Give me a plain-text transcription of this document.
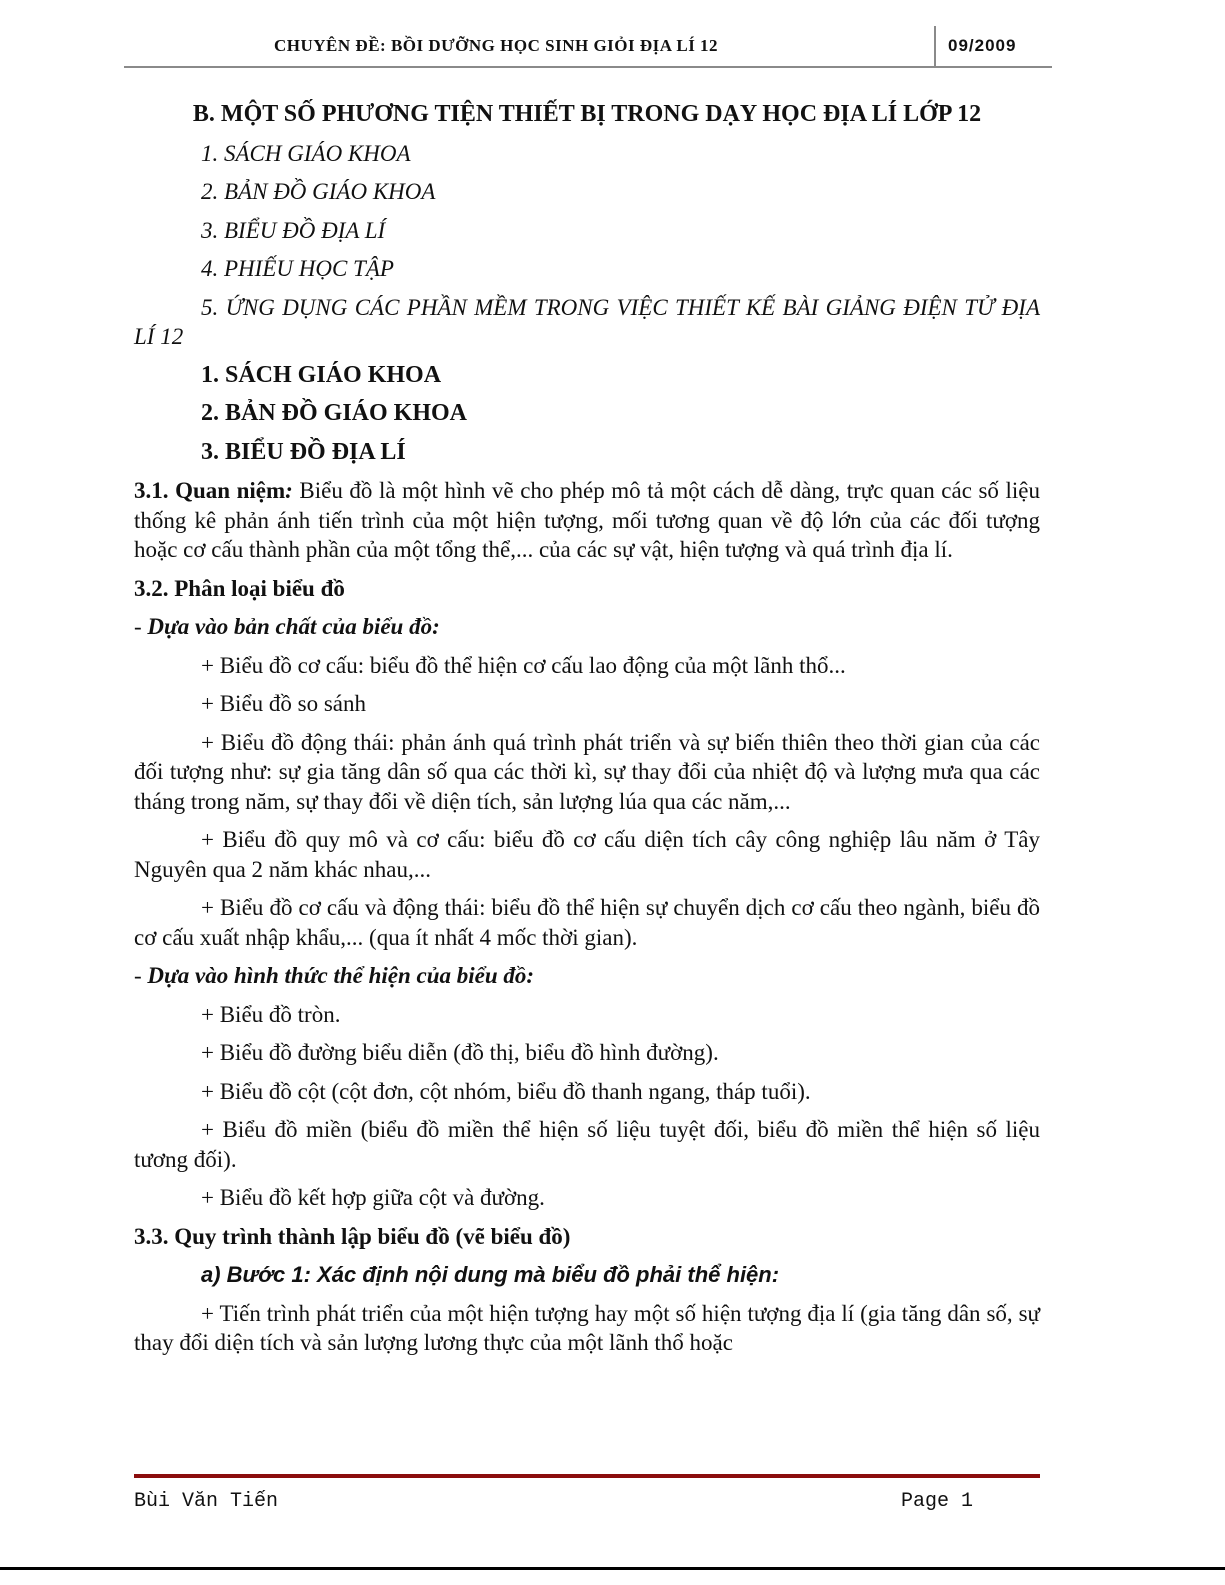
CHUYÊN ĐỀ: BỒI DƯỠNG HỌC SINH GIỎI ĐỊA LÍ 12	09/2009

B. MỘT SỐ PHƯƠNG TIỆN THIẾT BỊ TRONG DẠY HỌC ĐỊA LÍ LỚP 12

1. SÁCH GIÁO KHOA

2. BẢN ĐỒ GIÁO KHOA

3. BIỂU ĐỒ ĐỊA LÍ

4. PHIẾU HỌC TẬP

5. ỨNG DỤNG CÁC PHẦN MỀM TRONG VIỆC THIẾT KẾ BÀI GIẢNG ĐIỆN TỬ ĐỊA LÍ 12

1. SÁCH GIÁO KHOA

2. BẢN ĐỒ GIÁO KHOA

3. BIỂU ĐỒ ĐỊA LÍ

3.1. Quan niệm: Biểu đồ là một hình vẽ cho phép mô tả một cách dễ dàng, trực quan các số liệu thống kê phản ánh tiến trình của một hiện tượng, mối tương quan về độ lớn của các đối tượng hoặc cơ cấu thành phần của một tổng thể,... của các sự vật, hiện tượng và quá trình địa lí.

3.2. Phân loại biểu đồ

- Dựa vào bản chất của biểu đồ:

+ Biểu đồ cơ cấu: biểu đồ thể hiện cơ cấu lao động của một lãnh thổ...

+ Biểu đồ so sánh

+ Biểu đồ động thái: phản ánh quá trình phát triển và sự biến thiên theo thời gian của các đối tượng như: sự gia tăng dân số qua các thời kì, sự thay đổi của nhiệt độ và lượng mưa qua các tháng trong năm, sự thay đổi về diện tích, sản lượng lúa qua các năm,...

+ Biểu đồ quy mô và cơ cấu: biểu đồ cơ cấu diện tích cây công nghiệp lâu năm ở Tây Nguyên qua 2 năm khác nhau,...

+ Biểu đồ cơ cấu và động thái: biểu đồ thể hiện sự chuyển dịch cơ cấu theo ngành, biểu đồ cơ cấu xuất nhập khẩu,... (qua ít nhất 4 mốc thời gian).

- Dựa vào hình thức thể hiện của biểu đồ:

+ Biểu đồ tròn.

+ Biểu đồ đường biểu diễn (đồ thị, biểu đồ hình đường).

+ Biểu đồ cột (cột đơn, cột nhóm, biểu đồ thanh ngang, tháp tuổi).

+ Biểu đồ miền (biểu đồ miền thể hiện số liệu tuyệt đối, biểu đồ miền thể hiện số liệu tương đối).

+ Biểu đồ kết hợp giữa cột và đường.

3.3. Quy trình thành lập biểu đồ (vẽ biểu đồ)

a) Bước 1: Xác định nội dung mà biểu đồ phải thể hiện:

+ Tiến trình phát triển của một hiện tượng hay một số hiện tượng địa lí (gia tăng dân số, sự thay đổi diện tích và sản lượng lương thực của một lãnh thổ hoặc

Bùi Văn Tiến	Page 1
